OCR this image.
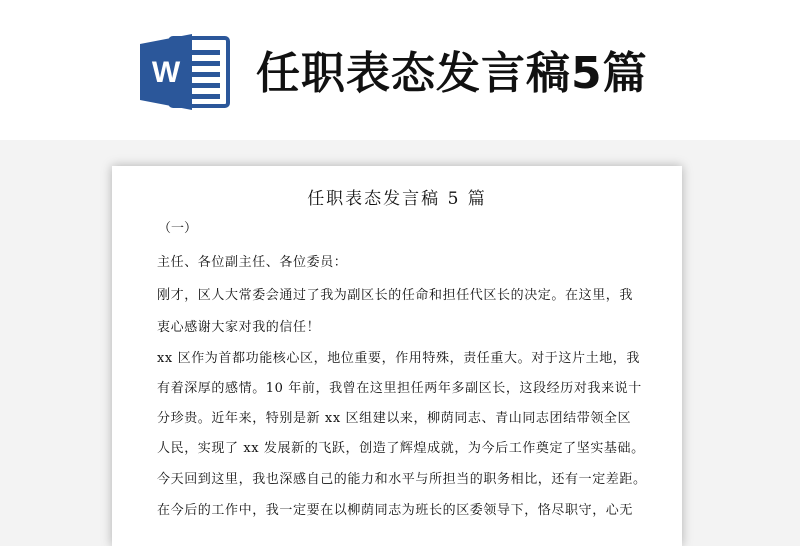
W 任职表态发言稿5篇
任职表态发言稿 5 篇
（一）
主任、各位副主任、各位委员：
刚才，区人大常委会通过了我为副区长的任命和担任代区长的决定。在这里，我
衷心感谢大家对我的信任！
xx 区作为首都功能核心区，地位重要，作用特殊，责任重大。对于这片土地，我
有着深厚的感情。10 年前，我曾在这里担任两年多副区长，这段经历对我来说十
分珍贵。近年来，特别是新 xx 区组建以来，柳荫同志、青山同志团结带领全区
人民，实现了 xx 发展新的飞跃，创造了辉煌成就，为今后工作奠定了坚实基础。
今天回到这里，我也深感自己的能力和水平与所担当的职务相比，还有一定差距。
在今后的工作中，我一定要在以柳荫同志为班长的区委领导下，恪尽职守，心无
